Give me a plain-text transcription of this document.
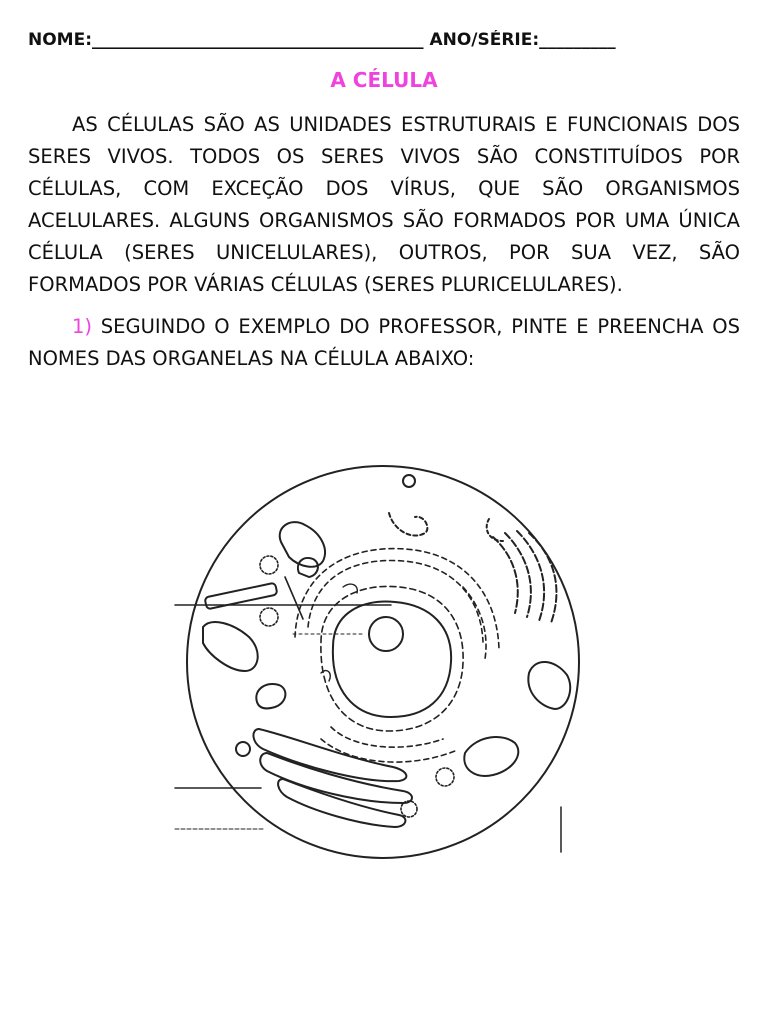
NOME:_______________________________________ ANO/SÉRIE:_________
A CÉLULA
AS CÉLULAS SÃO AS UNIDADES ESTRUTURAIS E FUNCIONAIS DOS SERES VIVOS. TODOS OS SERES VIVOS SÃO CONSTITUÍDOS POR CÉLULAS, COM EXCEÇÃO DOS VÍRUS, QUE SÃO ORGANISMOS ACELULARES. ALGUNS ORGANISMOS SÃO FORMADOS POR UMA ÚNICA CÉLULA (SERES UNICELULARES), OUTROS, POR SUA VEZ, SÃO FORMADOS POR VÁRIAS CÉLULAS (SERES PLURICELULARES).
1) SEGUINDO O EXEMPLO DO PROFESSOR, PINTE E PREENCHA OS NOMES DAS ORGANELAS NA CÉLULA ABAIXO:
